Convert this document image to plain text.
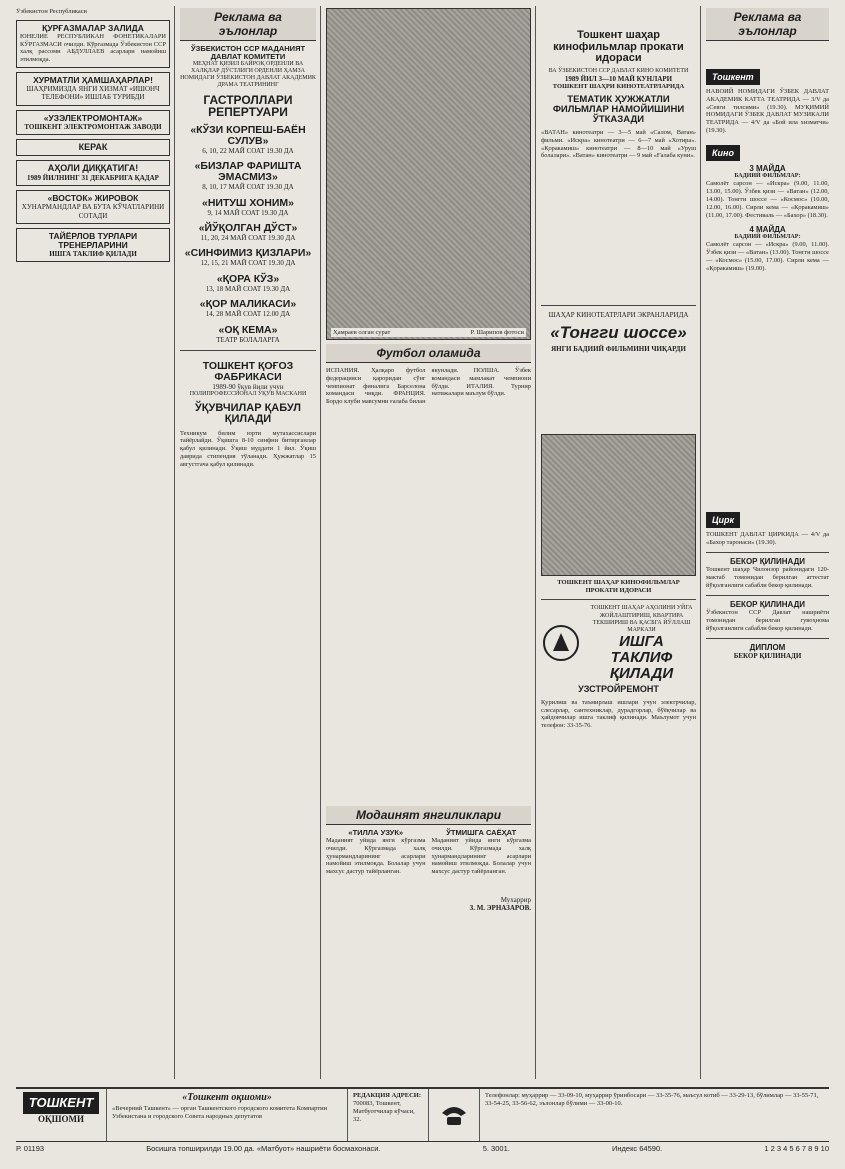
Ўзбекистон Республикаси
ҚУРҒАЗМАЛАР ЗАЛИДА
ЮНЕЛИЕ РЕСПУБЛИКАН ФОНЕТИКАЛАРИ КЎРГАЗМАСИ очилди. Кўргазмада Ўзбекистон ССР халқ рассоми АБДУЛЛАЕВ асарлари намойиш этилмоқда.
ХУРМАТЛИ ҲАМШАҲАРЛАР!
ШАҲРИМИЗДА ЯНГИ ХИЗМАТ «ИШОНЧ ТЕЛЕФОНИ» ИШЛАБ ТУРИБДИ
«УЗЭЛЕКТРОМОНТАЖ»
ТОШКЕНТ ЭЛЕКТРОМОНТАЖ ЗАВОДИ
КЕРАК
АҲОЛИ ДИҚҚАТИГА!
1989 ЙИЛНИНГ 31 ДЕКАБРИГА ҚАДАР
«ВОСТОК» ЖИРОВОК
ХУНАРМАНДЛАР ВА БУТА КЎЧАТЛАРИНИ СОТАДИ
ТАЙЁРЛОВ ТУРЛАРИ ТРЕНЕРЛАРИНИ
ИШГА ТАКЛИФ ҚИЛАДИ
Реклама ва эълонлар
ЎЗБЕКИСТОН ССР МАДАНИЯТ ДАВЛАТ КОМИТЕТИ
МЕҲНАТ ҚИЗИЛ БАЙРОҚ ОРДЕНЛИ ВА ХАЛҚЛАР ДЎСТЛИГИ ОРДЕНЛИ ҲАМЗА НОМИДАГИ ЎЗБЕКИСТОН ДАВЛАТ АКАДЕМИК ДРАМА ТЕАТРИНИНГ
ГАСТРОЛЛАРИ РЕПЕРТУАРИ
«КЎЗИ КОРПЕШ-БАЁН СУЛУВ»
6, 10, 22 МАЙ СОАТ 19.30 ДА
«БИЗЛАР ФАРИШТА ЭМАСМИЗ»
8, 10, 17 МАЙ СОАТ 19.30 ДА
«НИТУШ ХОНИМ»
9, 14 МАЙ СОАТ 19.30 ДА
«ЙЎҚОЛГАН ДЎСТ»
11, 20, 24 МАЙ СОАТ 19.30 ДА
«СИНФИМИЗ ҚИЗЛАРИ»
12, 15, 21 МАЙ СОАТ 19.30 ДА
«ҚОРА КЎЗ»
13, 18 МАЙ СОАТ 19.30 ДА
«ҚОР МАЛИКАСИ»
14, 28 МАЙ СОАТ 12.00 ДА
«ОҚ КЕМА»
ТЕАТР БОЛАЛАРГА
ТОШКЕНТ ҚОҒОЗ ФАБРИКАСИ
1989-90 ўқув йили учун
ПОЛИПРОФЕССИОНАЛ ЎҚУВ МАСКАНИ
ЎҚУВЧИЛАР ҚАБУЛ ҚИЛАДИ
Техникум билим юрти мутахассислари тайёрлайди. Ўқишга 8-10 синфни битирганлар қабул қилинади. Ўқиш муддати 1 йил. Ўқиш даврида стипендия тўланади. Ҳужжатлар 15 августгача қабул қилинади.
Ҳамраев олган сурат	Р. Шарипов фотоси
Футбол оламида
ИСПАНИЯ. Ҳалқаро футбол федерацияси қароридан сўнг чемпионат финалига Барселона командаси чиқди. ФРАНЦИЯ. Бордо клуби мавсумни ғалаба билан якунлади. ПОЛША. Ўзбек командаси мамлакат чемпиони бўлди. ИТАЛИЯ. Турнир натижалари маълум бўлди.
Модаинят янгиликлари
«ТИЛЛА УЗУК»
Маданият уйида янги кўргазма очилди. Кўргазмада халқ ҳунармандларининг асарлари намойиш этилмоқда. Болалар учун махсус дастур тайёрланган.
ЎТМИШГА САЁҲАТ
Маданият уйида янги кўргазма очилди. Кўргазмада халқ ҳунармандларининг асарлари намойиш этилмоқда. Болалар учун махсус дастур тайёрланган.
Мухаррир
З. М. ЭРНАЗАРОВ.
Тошкент шаҳар кинофильмлар прокати идораси
ВА ЎЗБЕКИСТОН ССР ДАВЛАТ КИНО КОМИТЕТИ
1989 ЙИЛ 3—10 МАЙ КУНЛАРИ
ТОШКЕНТ ШАҲРИ КИНОТЕАТРЛАРИДА
ТЕМАТИК ҲУЖЖАТЛИ ФИЛЬМЛАР НАМОЙИШИНИ ЎТКАЗАДИ
«ВАТАН» кинотеатри — 3—5 май «Салом, Ватан» фильми. «Искра» кинотеатри — 6—7 май «Хотира». «Қоракамиш» кинотеатри — 8—10 май «Уруш болалари». «Ватан» кинотеатри — 9 май «Ғалаба куни».
ШАҲАР КИНОТЕАТРЛАРИ ЭКРАНЛАРИДА
«Тонгги шоссе»
ЯНГИ БАДИИЙ ФИЛЬМИНИ ЧИҚАРДИ
ТОШКЕНТ ШАҲАР КИНОФИЛЬМЛАР ПРОКАТИ ИДОРАСИ
ТОШКЕНТ ШАҲАР АҲОЛИНИ УЙГА ЖОЙЛАШТИРИШ, КВАРТИРА ТЕКШИРИШ ВА ҚАСБГА ЙЎЛЛАШ МАРКАЗИ
ИШГА ТАКЛИФ ҚИЛАДИ
УЗСТРОЙРЕМОНТ
Қурилиш ва таъмирлаш ишлари учун электрчилар, слесарлар, сантехниклар, дурадгорлар, бўёқчилар ва ҳайдовчилар ишга таклиф қилинади. Маълумот учун телефон: 33-35-76.
Реклама ва эълонлар
Тошкент
НАВОИЙ НОМИДАГИ ЎЗБЕК ДАВЛАТ АКАДЕМИК КАТТА ТЕАТРИДА — 3/V да «Севги тилсими» (19.30). МУҚИМИЙ НОМИДАГИ ЎЗБЕК ДАВЛАТ МУЗИКАЛИ ТЕАТРИДА — 4/V да «Бой ила хизматчи» (19.30).
Кино
3 МАЙДА
БАДИИЙ ФИЛЬМЛАР:
Самолёт сарсон — «Искра» (9.00, 11.00, 13.00, 15.00). Ўзбек қизи — «Ватан» (12.00, 14.00). Тонгги шоссе — «Космос» (10.00, 12.00, 16.00). Сирли кема — «Қоракамиш» (11.00, 17.00). Фестиваль — «Бахор» (18.30).
4 МАЙДА
БАДИИЙ ФИЛЬМЛАР:
Самолёт сарсон — «Искра» (9.00, 11.00). Ўзбек қизи — «Ватан» (13.00). Тонгги шоссе — «Космос» (15.00, 17.00). Сирли кема — «Қоракамиш» (19.00).
Цирк
ТОШКЕНТ ДАВЛАТ ЦИРКИДА — 4/V да «Бахор таронаси» (19.30).
БЕКОР ҚИЛИНАДИ
Тошкент шаҳар Чилонзор районидаги 120-мактаб томонидан берилган аттестат йўқолганлиги сабабли бекор қилинади.
БЕКОР ҚИЛИНАДИ
Ўзбекистон ССР Давлат нашриёти томонидан берилган гувоҳнома йўқолганлиги сабабли бекор қилинади.
ДИПЛОМ
БЕКОР ҚИЛИНАДИ
ТОШКЕНТ
ОҚШОМИ
«Тошкент оқшоми»
«Вечерний Ташкент» — орган Ташкентского городского комитета Компартии Узбекистана и городского Совета народных депутатов
РЕДАКЦИЯ АДРЕСИ:
700083, Тошкент, Матбуотчилар кўчаси, 32.
Телефонлар: муҳаррир — 33-09-10, муҳаррир ўринбосари — 33-35-76, маъсул котиб — 33-29-13, бўлимлар — 33-55-71, 33-54-25, 33-56-62, эълонлар бўлими — 33-00-10.
Р. 01193	Босишга топширилди 19.00 да. «Матбуот» нашриёти босмахонаси.	5. 3001.	Индекс 64590.	1 2 3 4 5 6 7 8 9 10
